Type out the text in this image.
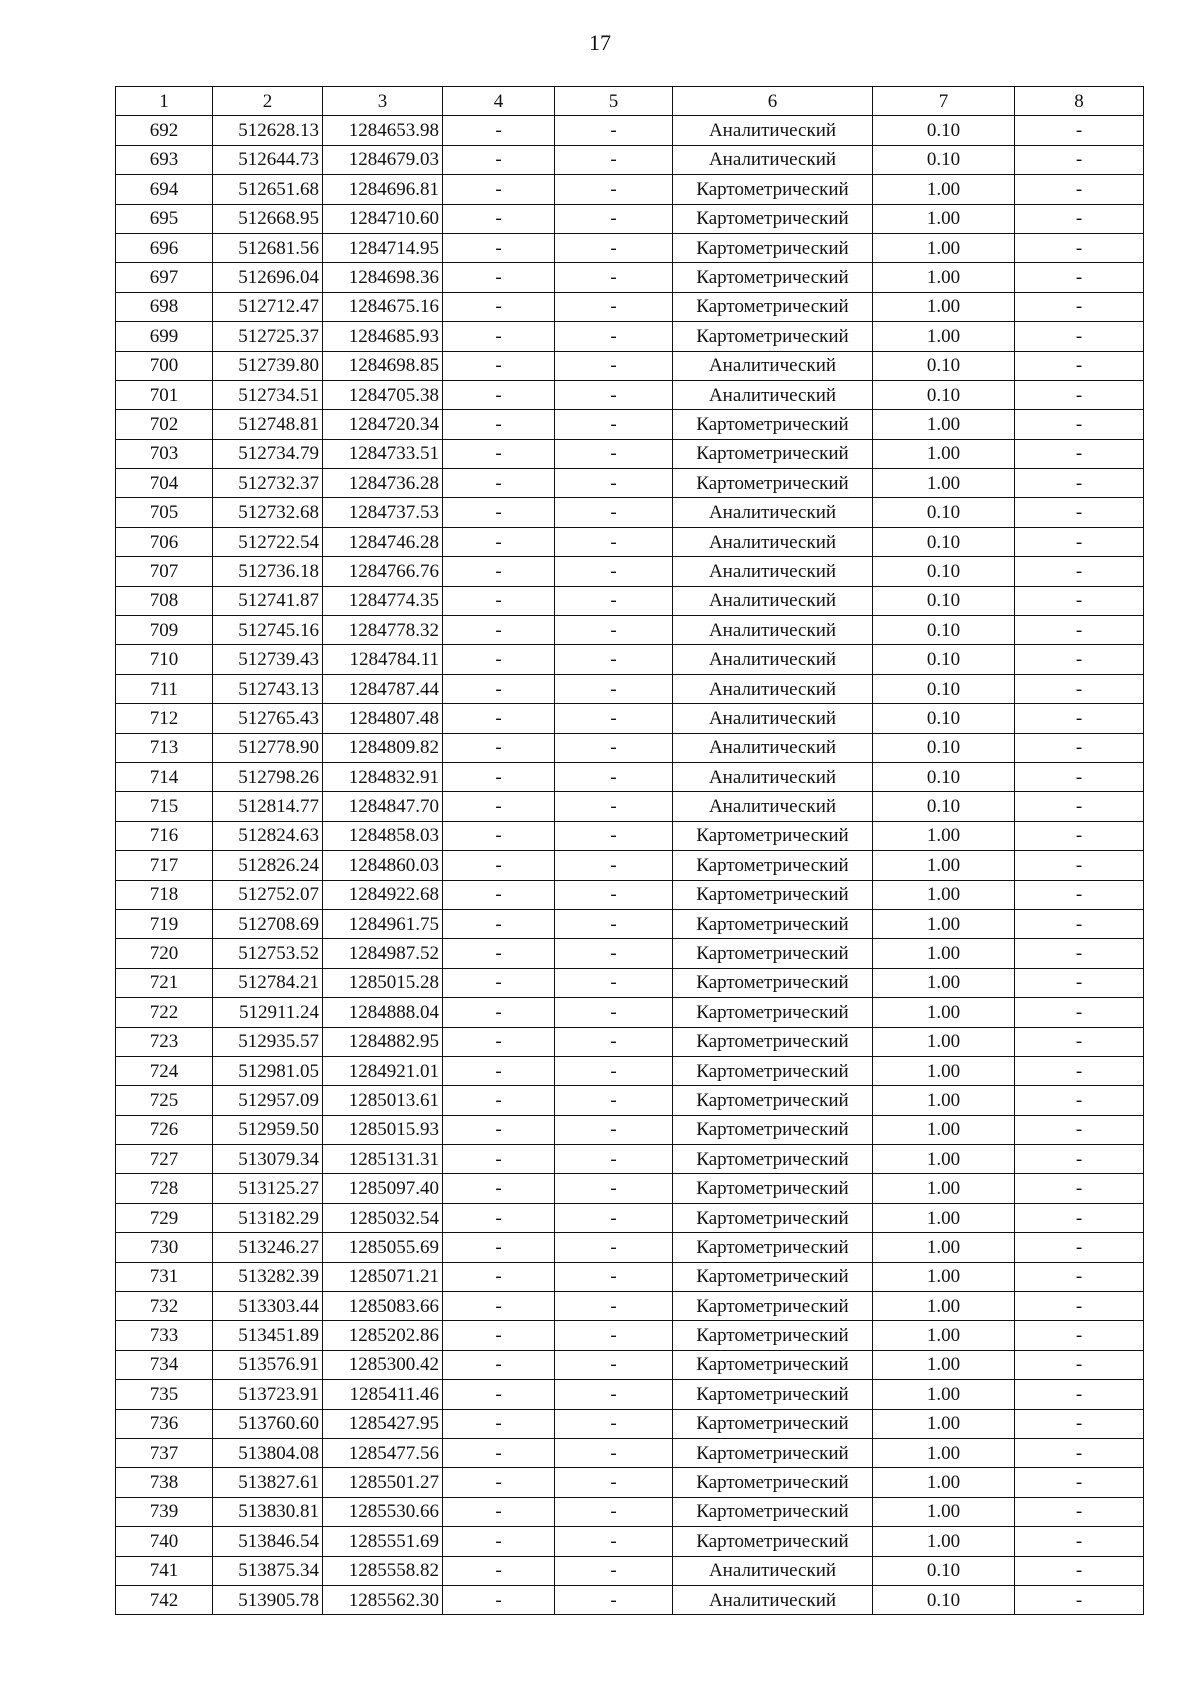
17
1	2	3	4	5	6	7	8
692	512628.13	1284653.98	-	-	Аналитический	0.10	-
693	512644.73	1284679.03	-	-	Аналитический	0.10	-
694	512651.68	1284696.81	-	-	Картометрический	1.00	-
695	512668.95	1284710.60	-	-	Картометрический	1.00	-
696	512681.56	1284714.95	-	-	Картометрический	1.00	-
697	512696.04	1284698.36	-	-	Картометрический	1.00	-
698	512712.47	1284675.16	-	-	Картометрический	1.00	-
699	512725.37	1284685.93	-	-	Картометрический	1.00	-
700	512739.80	1284698.85	-	-	Аналитический	0.10	-
701	512734.51	1284705.38	-	-	Аналитический	0.10	-
702	512748.81	1284720.34	-	-	Картометрический	1.00	-
703	512734.79	1284733.51	-	-	Картометрический	1.00	-
704	512732.37	1284736.28	-	-	Картометрический	1.00	-
705	512732.68	1284737.53	-	-	Аналитический	0.10	-
706	512722.54	1284746.28	-	-	Аналитический	0.10	-
707	512736.18	1284766.76	-	-	Аналитический	0.10	-
708	512741.87	1284774.35	-	-	Аналитический	0.10	-
709	512745.16	1284778.32	-	-	Аналитический	0.10	-
710	512739.43	1284784.11	-	-	Аналитический	0.10	-
711	512743.13	1284787.44	-	-	Аналитический	0.10	-
712	512765.43	1284807.48	-	-	Аналитический	0.10	-
713	512778.90	1284809.82	-	-	Аналитический	0.10	-
714	512798.26	1284832.91	-	-	Аналитический	0.10	-
715	512814.77	1284847.70	-	-	Аналитический	0.10	-
716	512824.63	1284858.03	-	-	Картометрический	1.00	-
717	512826.24	1284860.03	-	-	Картометрический	1.00	-
718	512752.07	1284922.68	-	-	Картометрический	1.00	-
719	512708.69	1284961.75	-	-	Картометрический	1.00	-
720	512753.52	1284987.52	-	-	Картометрический	1.00	-
721	512784.21	1285015.28	-	-	Картометрический	1.00	-
722	512911.24	1284888.04	-	-	Картометрический	1.00	-
723	512935.57	1284882.95	-	-	Картометрический	1.00	-
724	512981.05	1284921.01	-	-	Картометрический	1.00	-
725	512957.09	1285013.61	-	-	Картометрический	1.00	-
726	512959.50	1285015.93	-	-	Картометрический	1.00	-
727	513079.34	1285131.31	-	-	Картометрический	1.00	-
728	513125.27	1285097.40	-	-	Картометрический	1.00	-
729	513182.29	1285032.54	-	-	Картометрический	1.00	-
730	513246.27	1285055.69	-	-	Картометрический	1.00	-
731	513282.39	1285071.21	-	-	Картометрический	1.00	-
732	513303.44	1285083.66	-	-	Картометрический	1.00	-
733	513451.89	1285202.86	-	-	Картометрический	1.00	-
734	513576.91	1285300.42	-	-	Картометрический	1.00	-
735	513723.91	1285411.46	-	-	Картометрический	1.00	-
736	513760.60	1285427.95	-	-	Картометрический	1.00	-
737	513804.08	1285477.56	-	-	Картометрический	1.00	-
738	513827.61	1285501.27	-	-	Картометрический	1.00	-
739	513830.81	1285530.66	-	-	Картометрический	1.00	-
740	513846.54	1285551.69	-	-	Картометрический	1.00	-
741	513875.34	1285558.82	-	-	Аналитический	0.10	-
742	513905.78	1285562.30	-	-	Аналитический	0.10	-
